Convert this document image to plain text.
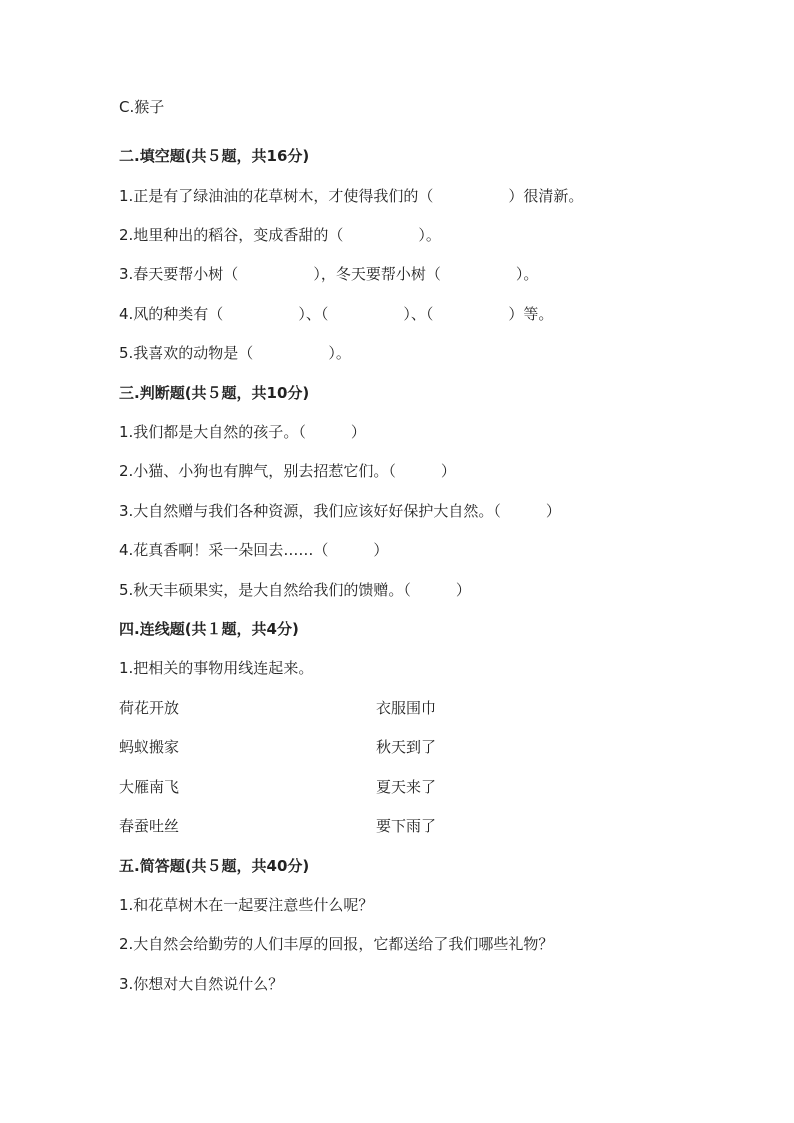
C.猴子
二.填空题(共５题，共16分)
1.正是有了绿油油的花草树木，才使得我们的（　　　　　）很清新。
2.地里种出的稻谷，变成香甜的（　　　　　）。
3.春天要帮小树（　　　　　），冬天要帮小树（　　　　　）。
4.风的种类有（　　　　　）、（　　　　　）、（　　　　　）等。
5.我喜欢的动物是（　　　　　）。
三.判断题(共５题，共10分)
1.我们都是大自然的孩子。（　　　）
2.小猫、小狗也有脾气，别去招惹它们。（　　　）
3.大自然赠与我们各种资源，我们应该好好保护大自然。（　　　）
4.花真香啊！采一朵回去……（　　　）
5.秋天丰硕果实，是大自然给我们的馈赠。（　　　）
四.连线题(共１题，共4分)
1.把相关的事物用线连起来。
荷花开放	衣服围巾
蚂蚁搬家	秋天到了
大雁南飞	夏天来了
春蚕吐丝	要下雨了
五.简答题(共５题，共40分)
1.和花草树木在一起要注意些什么呢？
2.大自然会给勤劳的人们丰厚的回报，它都送给了我们哪些礼物？
3.你想对大自然说什么？
